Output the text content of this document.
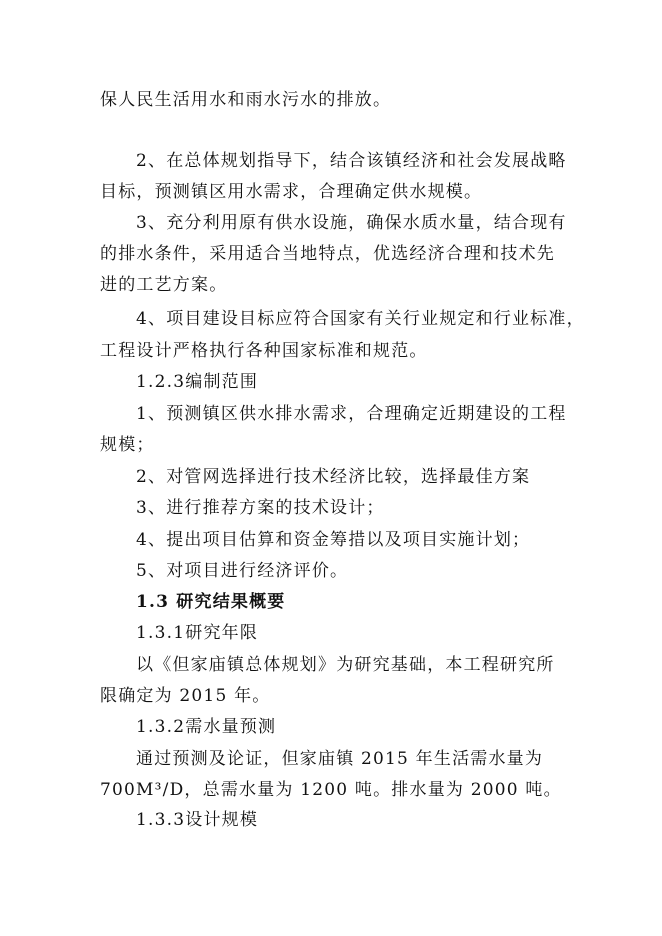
保人民生活用水和雨水污水的排放。
2、在总体规划指导下，结合该镇经济和社会发展战略
目标，预测镇区用水需求，合理确定供水规模。
3、充分利用原有供水设施，确保水质水量，结合现有
的排水条件，采用适合当地特点，优选经济合理和技术先
进的工艺方案。
4、项目建设目标应符合国家有关行业规定和行业标准，
工程设计严格执行各种国家标准和规范。
1.2.3编制范围
1、预测镇区供水排水需求，合理确定近期建设的工程
规模；
2、对管网选择进行技术经济比较，选择最佳方案
3、进行推荐方案的技术设计；
4、提出项目估算和资金筹措以及项目实施计划；
5、对项目进行经济评价。
1.3 研究结果概要
1.3.1研究年限
以《但家庙镇总体规划》为研究基础，本工程研究所
限确定为 2015 年。
1.3.2需水量预测
通过预测及论证，但家庙镇 2015 年生活需水量为
700M³/D，总需水量为 1200 吨。排水量为 2000 吨。
1.3.3设计规模
